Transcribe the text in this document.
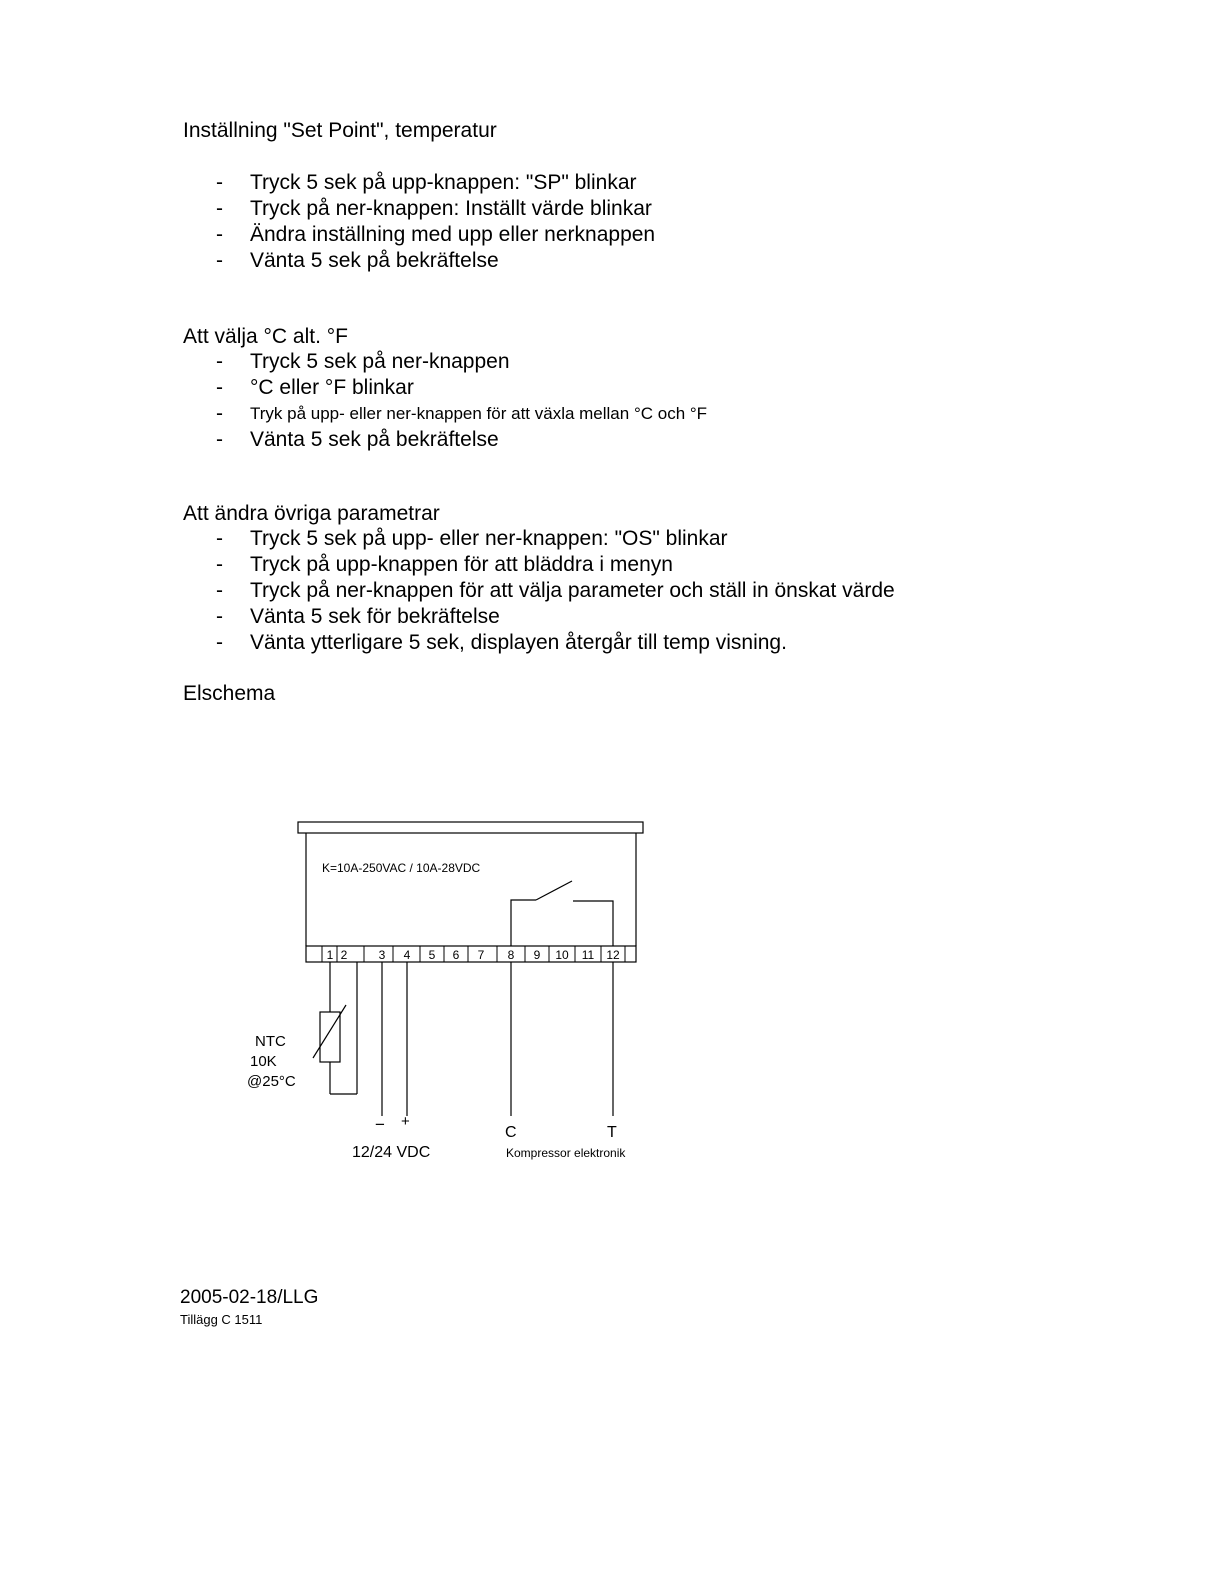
Inställning "Set Point", temperatur
- Tryck 5 sek på upp-knappen: "SP" blinkar
- Tryck på ner-knappen: Inställt värde blinkar
- Ändra inställning med upp eller nerknappen
- Vänta 5 sek på bekräftelse
Att välja °C alt. °F
- Tryck 5 sek på ner-knappen
- °C eller °F blinkar
- Tryk på upp- eller ner-knappen för att växla mellan °C och °F
- Vänta 5 sek på bekräftelse
Att ändra övriga parametrar
- Tryck 5 sek på upp- eller ner-knappen: "OS" blinkar
- Tryck på upp-knappen för att bläddra i menyn
- Tryck på ner-knappen för att välja parameter och ställ in önskat värde
- Vänta 5 sek för bekräftelse
- Vänta ytterligare 5 sek, displayen återgår till temp visning.
Elschema
1 2	3 4 5 6 7 8 9 10 11 12
NTC
10K
@25°C
K=10A-250VAC / 10A-28VDC
− +
12/24 VDC
C	T
Kompressor elektronik
2005-02-18/LLG
Tillägg C 1511
